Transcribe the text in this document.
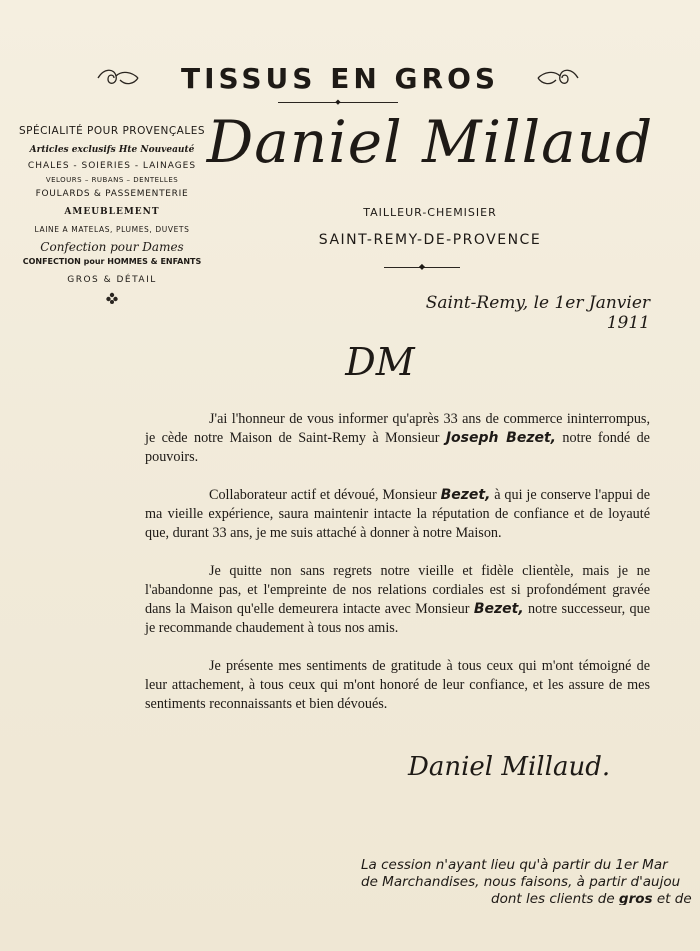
TISSUS EN GROS
◆
SPÉCIALITÉ POUR PROVENÇALES
Articles exclusifs Hte Nouveauté
CHALES - SOIERIES - LAINAGES
VELOURS – RUBANS – DENTELLES
FOULARDS & PASSEMENTERIE
AMEUBLEMENT
LAINE A MATELAS, PLUMES, DUVETS
Confection pour Dames
CONFECTION pour HOMMES & ENFANTS
GROS & DÉTAIL
Daniel Millaud
TAILLEUR-CHEMISIER
SAINT-REMY-DE-PROVENCE
◆
Saint-Remy, le 1er Janvier 1911
DM

J'ai l'honneur de vous informer qu'après 33 ans de commerce ininterrompus, je cède notre Maison de Saint-Remy à Monsieur Joseph Bezet, notre fondé de pouvoirs.

Collaborateur actif et dévoué, Monsieur Bezet, à qui je conserve l'appui de ma vieille expérience, saura maintenir intacte la réputation de confiance et de loyauté que, durant 33 ans, je me suis attaché à donner à notre Maison.

Je quitte non sans regrets notre vieille et fidèle clientèle, mais je ne l'abandonne pas, et l'empreinte de nos relations cordiales est si profondément gravée dans la Maison qu'elle demeurera intacte avec Monsieur Bezet, notre successeur, que je recommande chaudement à tous nos amis.

Je présente mes sentiments de gratitude à tous ceux qui m'ont témoigné de leur attachement, à tous ceux qui m'ont honoré de leur confiance, et les assure de mes sentiments reconnaissants et bien dévoués.

Daniel Millaud.
La cession n'ayant lieu qu'à partir du 1er Mar
de Marchandises, nous faisons, à partir d'aujou
dont les clients de gros et de
